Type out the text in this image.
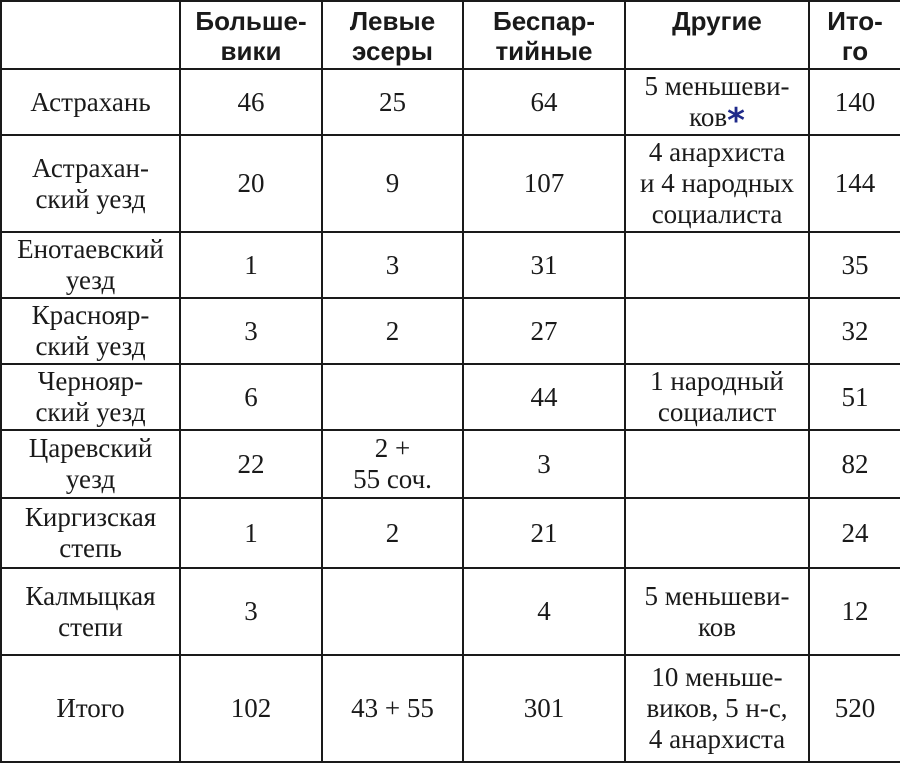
	Больше-
вики	Левые
эсеры	Беспар-
тийные	Другие	Ито-
го

Астрахань	46	25	64	5 меньшеви-
ков*	140

Астрахан-
ский уезд	20	9	107	4 анархиста
и 4 народных
социалиста	144

Енотаевский
уезд	1	3	31		35

Краснояр-
ский уезд	3	2	27		32

Чернояр-
ский уезд	6		44	1 народный
социалист	51

Царевский
уезд	22	2 +
55 соч.	3		82

Киргизская
степь	1	2	21		24

Калмыцкая
степи	3		4	5 меньшеви-
ков	12

Итого	102	43 + 55	301	10 меньше-
виков, 5 н-с,
4 анархиста	520
